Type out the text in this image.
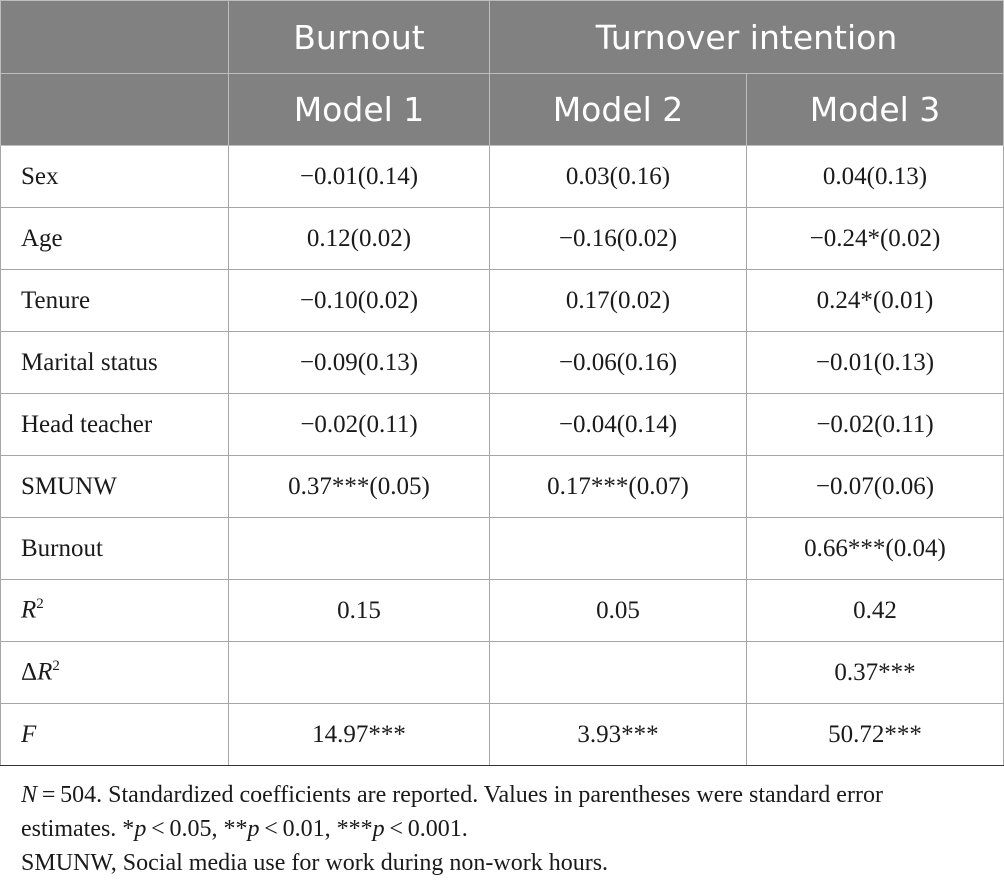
	Burnout	Turnover intention	
	Model 1	Model 2	Model 3
Sex	−0.01(0.14)	0.03(0.16)	0.04(0.13)
Age	0.12(0.02)	−0.16(0.02)	−0.24*(0.02)
Tenure	−0.10(0.02)	0.17(0.02)	0.24*(0.01)
Marital status	−0.09(0.13)	−0.06(0.16)	−0.01(0.13)
Head teacher	−0.02(0.11)	−0.04(0.14)	−0.02(0.11)
SMUNW	0.37***(0.05)	0.17***(0.07)	−0.07(0.06)
Burnout			0.66***(0.04)
$R^2$	0.15	0.05	0.42
$\Delta R^2$			0.37***
F	14.97***	3.93***	50.72***

N = 504. Standardized coefficients are reported. Values in parentheses were standard error estimates. *p < 0.05, **p < 0.01, ***p < 0.001.

SMUNW, Social media use for work during non-work hours.
